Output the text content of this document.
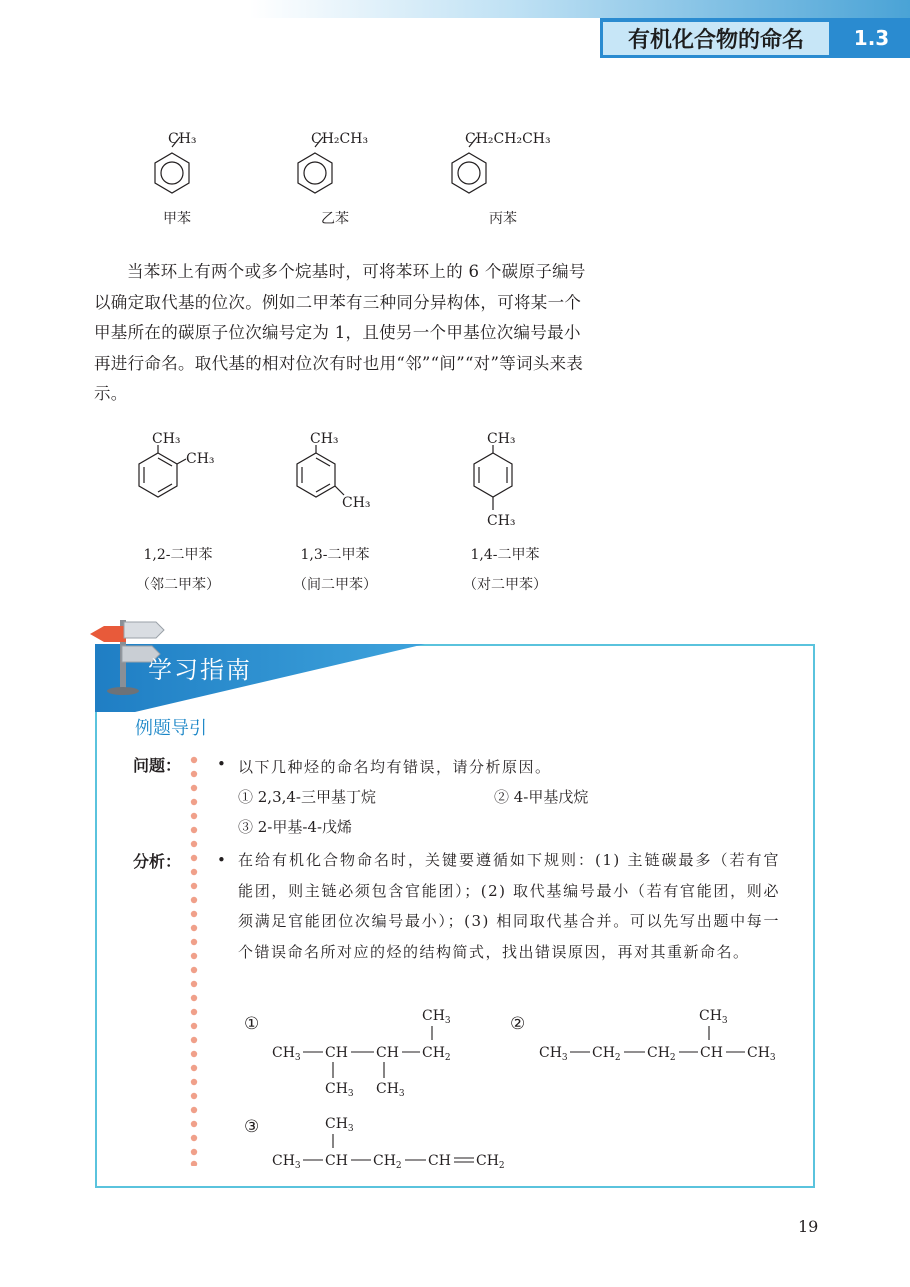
有机化合物的命名	1.3
CH₃
甲苯
CH₂CH₃
乙苯
CH₂CH₂CH₃
丙苯

当苯环上有两个或多个烷基时，可将苯环上的 6 个碳原子编号以确定取代基的位次。例如二甲苯有三种同分异构体，可将某一个甲基所在的碳原子位次编号定为 1，且使另一个甲基位次编号最小再进行命名。取代基的相对位次有时也用“邻”“间”“对”等词头来表示。

CH₃
CH₃
CH₃
CH₃
CH₃
CH₃
1,2-二甲苯
（邻二甲苯）
1,3-二甲苯
（间二甲苯）
1,4-二甲苯
（对二甲苯）
学习指南
例题导引
问题： • 以下几种烃的命名均有错误，请分析原因。
① 2,3,4-三甲基丁烷	② 4-甲基戊烷
③ 2-甲基-4-戊烯
分析： • 在给有机化合物命名时，关键要遵循如下规则：(1) 主链碳最多（若有官能团，则主链必须包含官能团）；(2) 取代基编号最小（若有官能团，则必须满足官能团位次编号最小）；(3) 相同取代基合并。可以先写出题中每一个错误命名所对应的烃的结构简式，找出错误原因，再对其重新命名。

①
$CH_3$ CH CH $CH_2$
$CH_3$
$CH_3$ $CH_3$
②
$CH_3$ $CH_2$ $CH_2$ CH $CH_3$
$CH_3$
③
$CH_3$ CH $CH_2$ CH $CH_2$
$CH_3$
19
